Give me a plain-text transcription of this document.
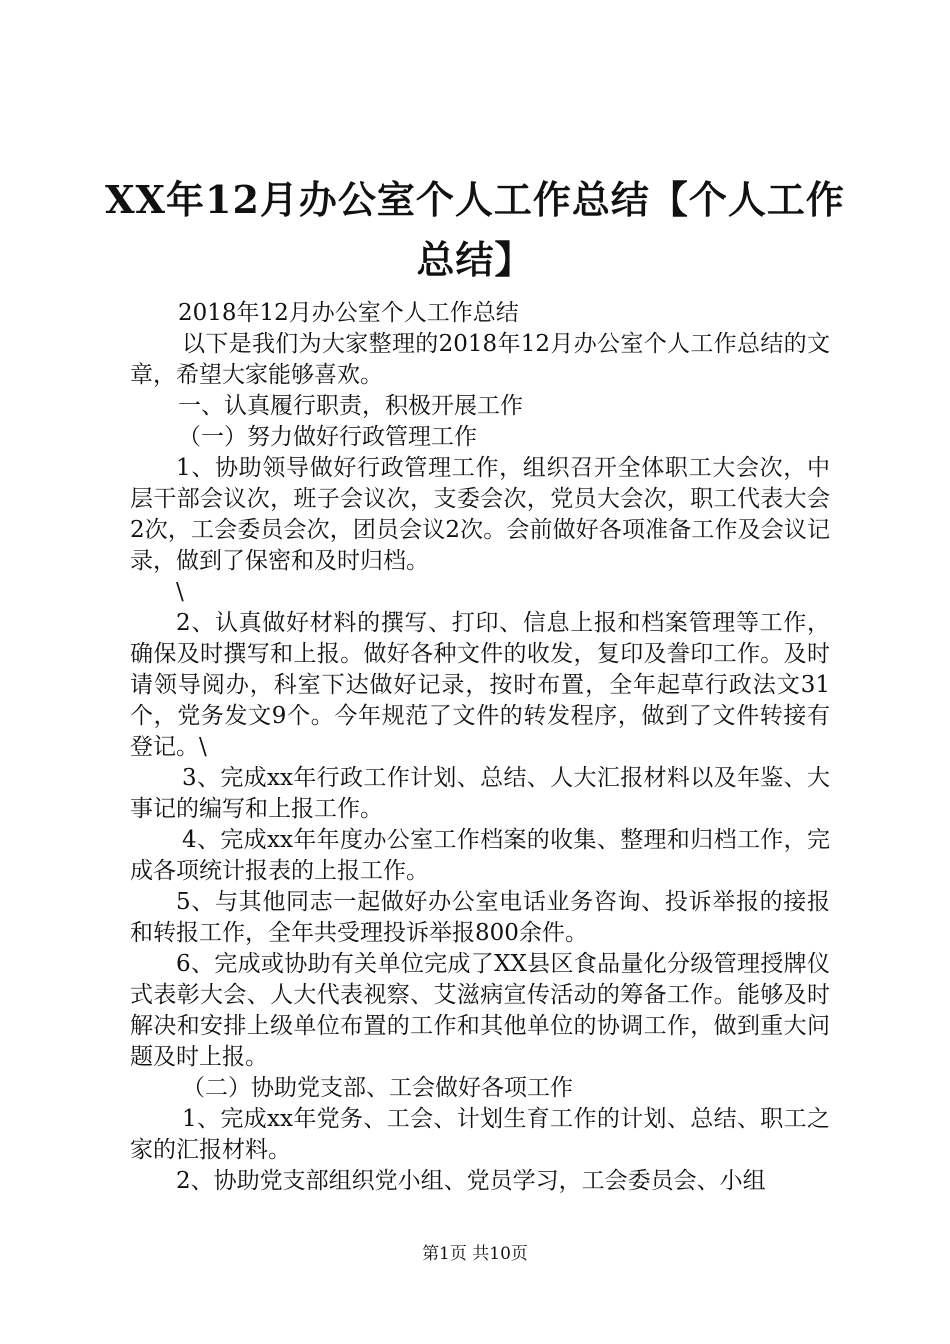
XX年12月办公室个人工作总结【个人工作总结】

2018年12月办公室个人工作总结

以下是我们为大家整理的2018年12月办公室个人工作总结的文章，希望大家能够喜欢。

一、认真履行职责，积极开展工作

（一）努力做好行政管理工作

1、协助领导做好行政管理工作，组织召开全体职工大会次，中层干部会议次，班子会议次，支委会次，党员大会次，职工代表大会2次，工会委员会次，团员会议2次。会前做好各项准备工作及会议记录，做到了保密和及时归档。

\

2、认真做好材料的撰写、打印、信息上报和档案管理等工作，确保及时撰写和上报。做好各种文件的收发，复印及誊印工作。及时请领导阅办，科室下达做好记录，按时布置，全年起草行政法文31个，党务发文9个。今年规范了文件的转发程序，做到了文件转接有登记。\

3、完成xx年行政工作计划、总结、人大汇报材料以及年鉴、大事记的编写和上报工作。

4、完成xx年年度办公室工作档案的收集、整理和归档工作，完成各项统计报表的上报工作。

5、与其他同志一起做好办公室电话业务咨询、投诉举报的接报和转报工作，全年共受理投诉举报800余件。

6、完成或协助有关单位完成了XX县区食品量化分级管理授牌仪式表彰大会、人大代表视察、艾滋病宣传活动的筹备工作。能够及时解决和安排上级单位布置的工作和其他单位的协调工作，做到重大问题及时上报。

（二）协助党支部、工会做好各项工作

1、完成xx年党务、工会、计划生育工作的计划、总结、职工之家的汇报材料。

2、协助党支部组织党小组、党员学习，工会委员会、小组

第1页 共10页
